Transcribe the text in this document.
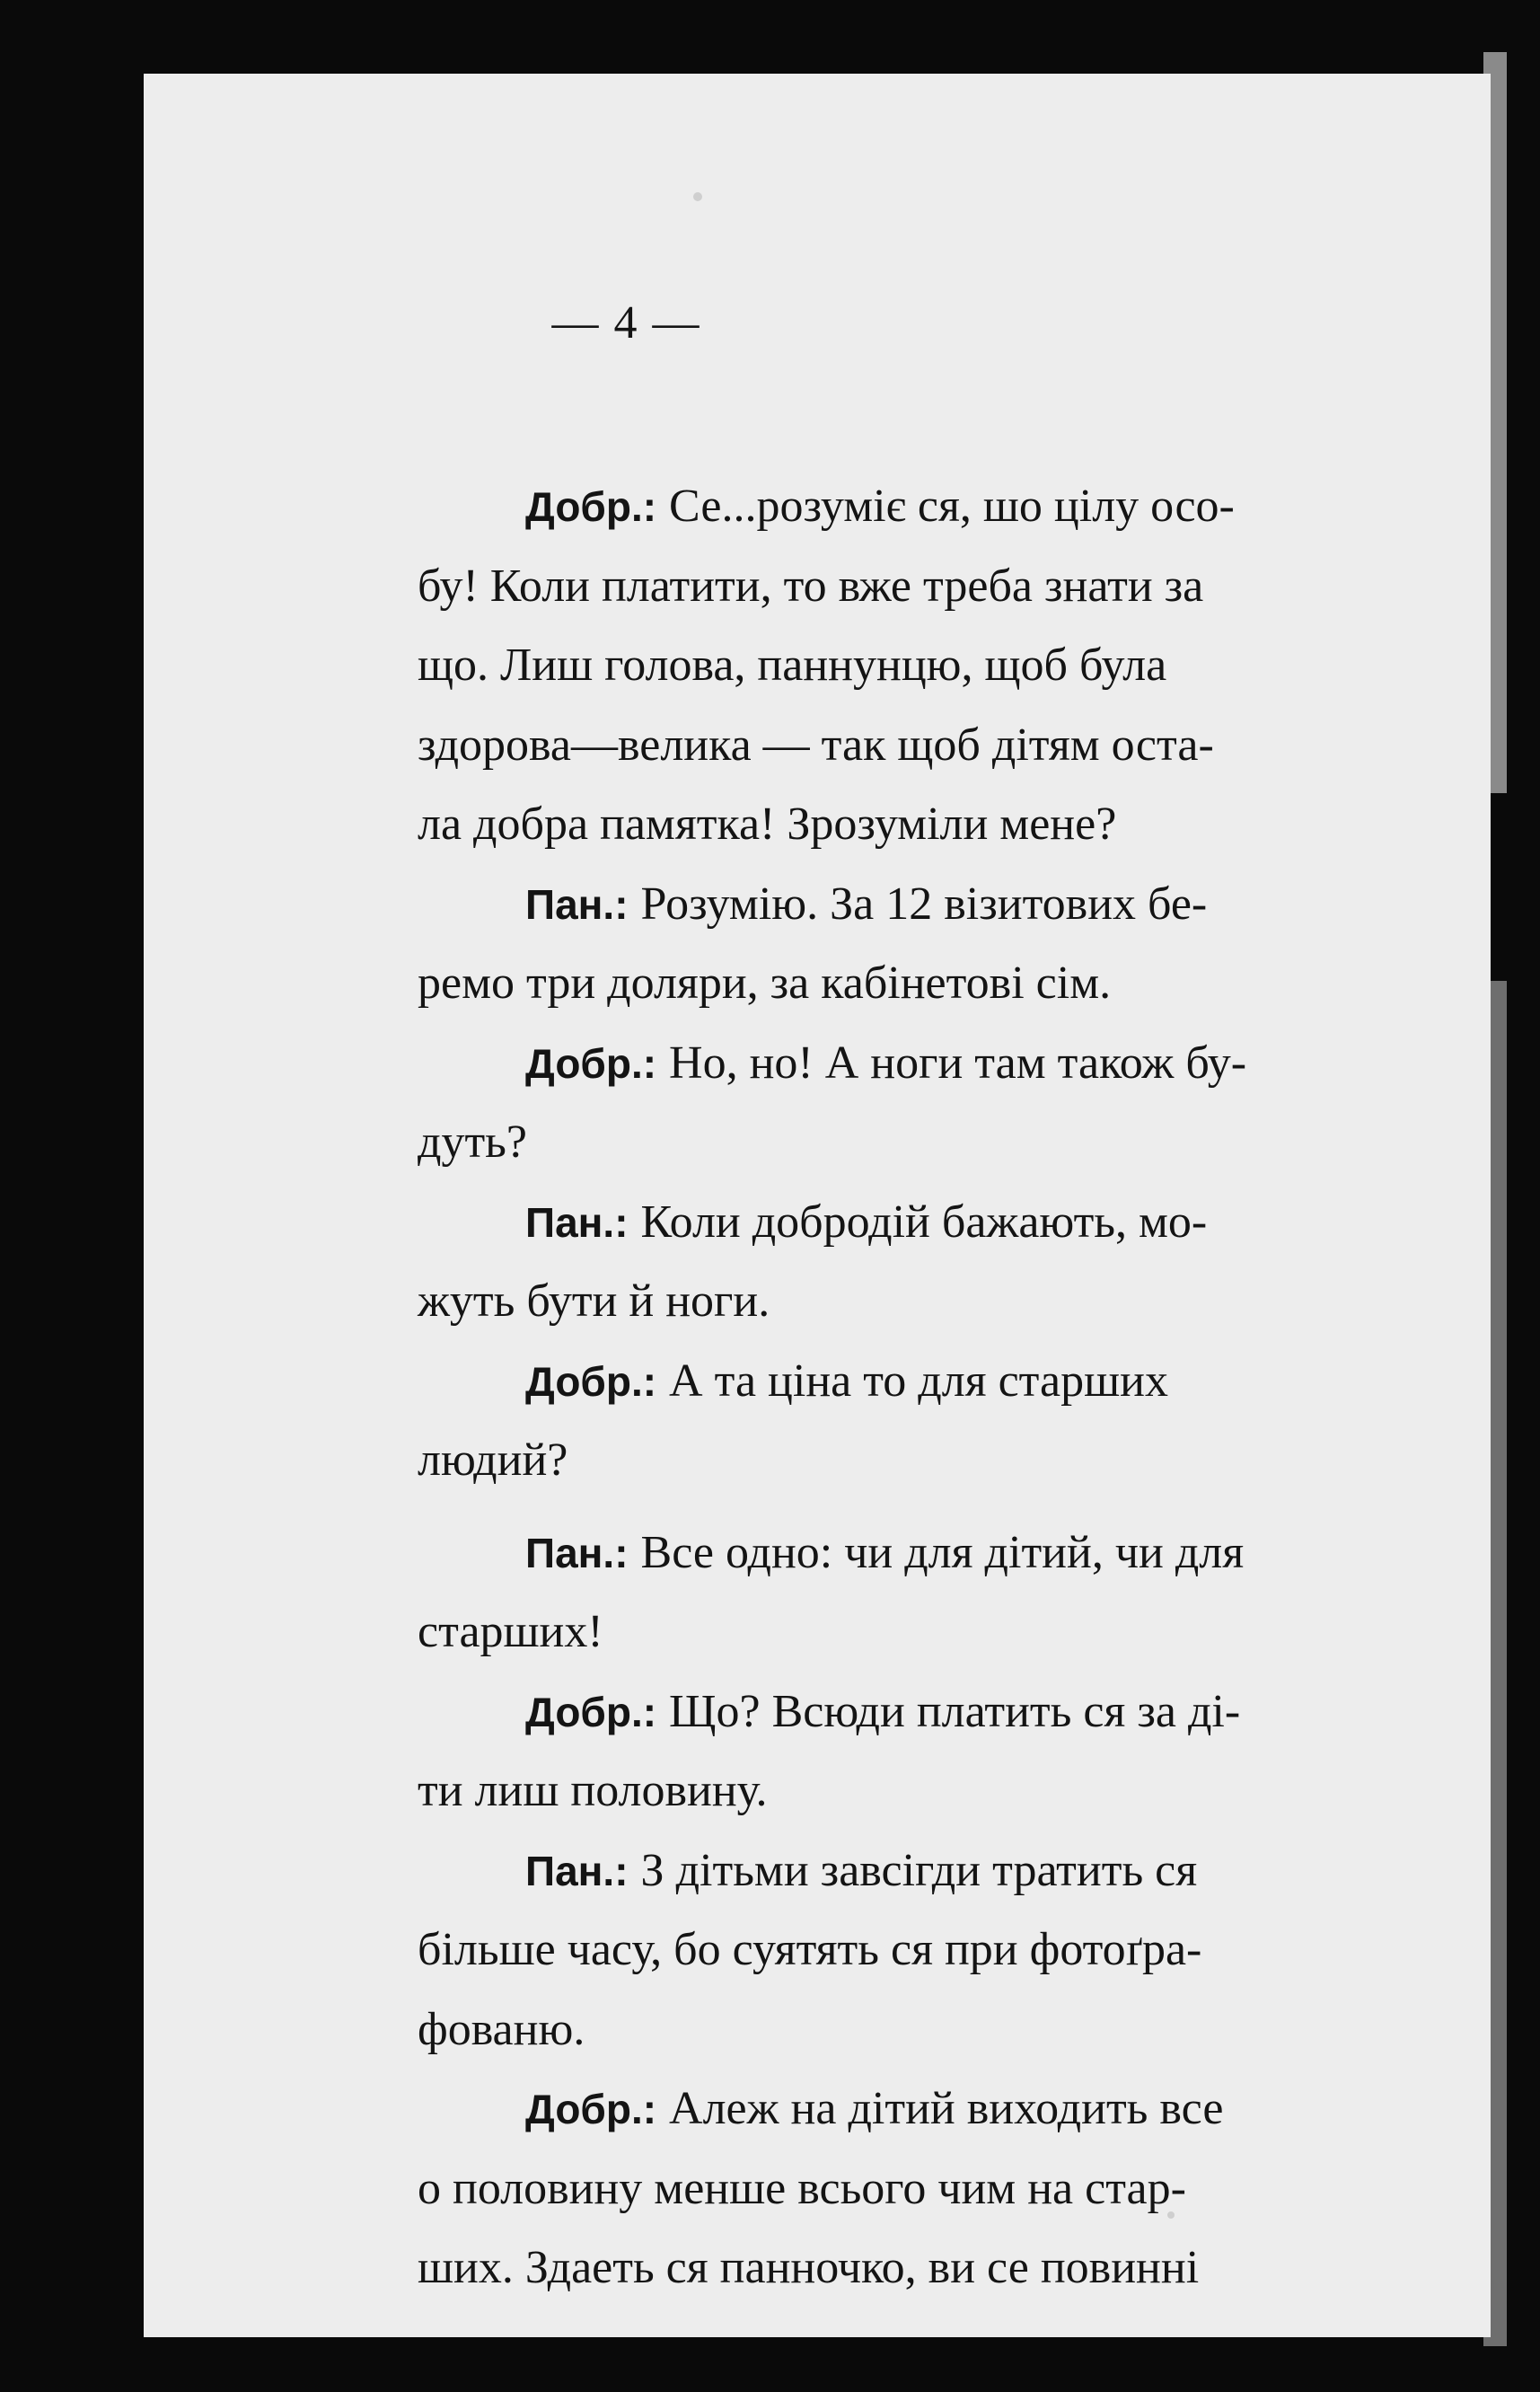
— 4 —
Добр.: Се...розуміє ся, шо цілу осо-
бу! Коли платити, то вже треба знати за
що. Лиш голова, паннунцю, щоб була
здорова—велика — так щоб дітям оста-
ла добра памятка! Зрозуміли мене?
Пан.: Розумію. За 12 візитових бе-
ремо три доляри, за кабінетові сім.
Добр.: Но, но! А ноги там також бу-
дуть?
Пан.: Коли добродій бажають, мо-
жуть бути й ноги.
Добр.: А та ціна то для старших
людий?
Пан.: Все одно: чи для дітий, чи для
старших!
Добр.: Що? Всюди платить ся за ді-
ти лиш половину.
Пан.: З дітьми завсігди тратить ся
більше часу, бо суятять ся при фотоґра-
фованю.
Добр.: Алеж на дітий виходить все
о половину менше всього чим на стар-
ших. Здаеть ся панночко, ви се повинні
